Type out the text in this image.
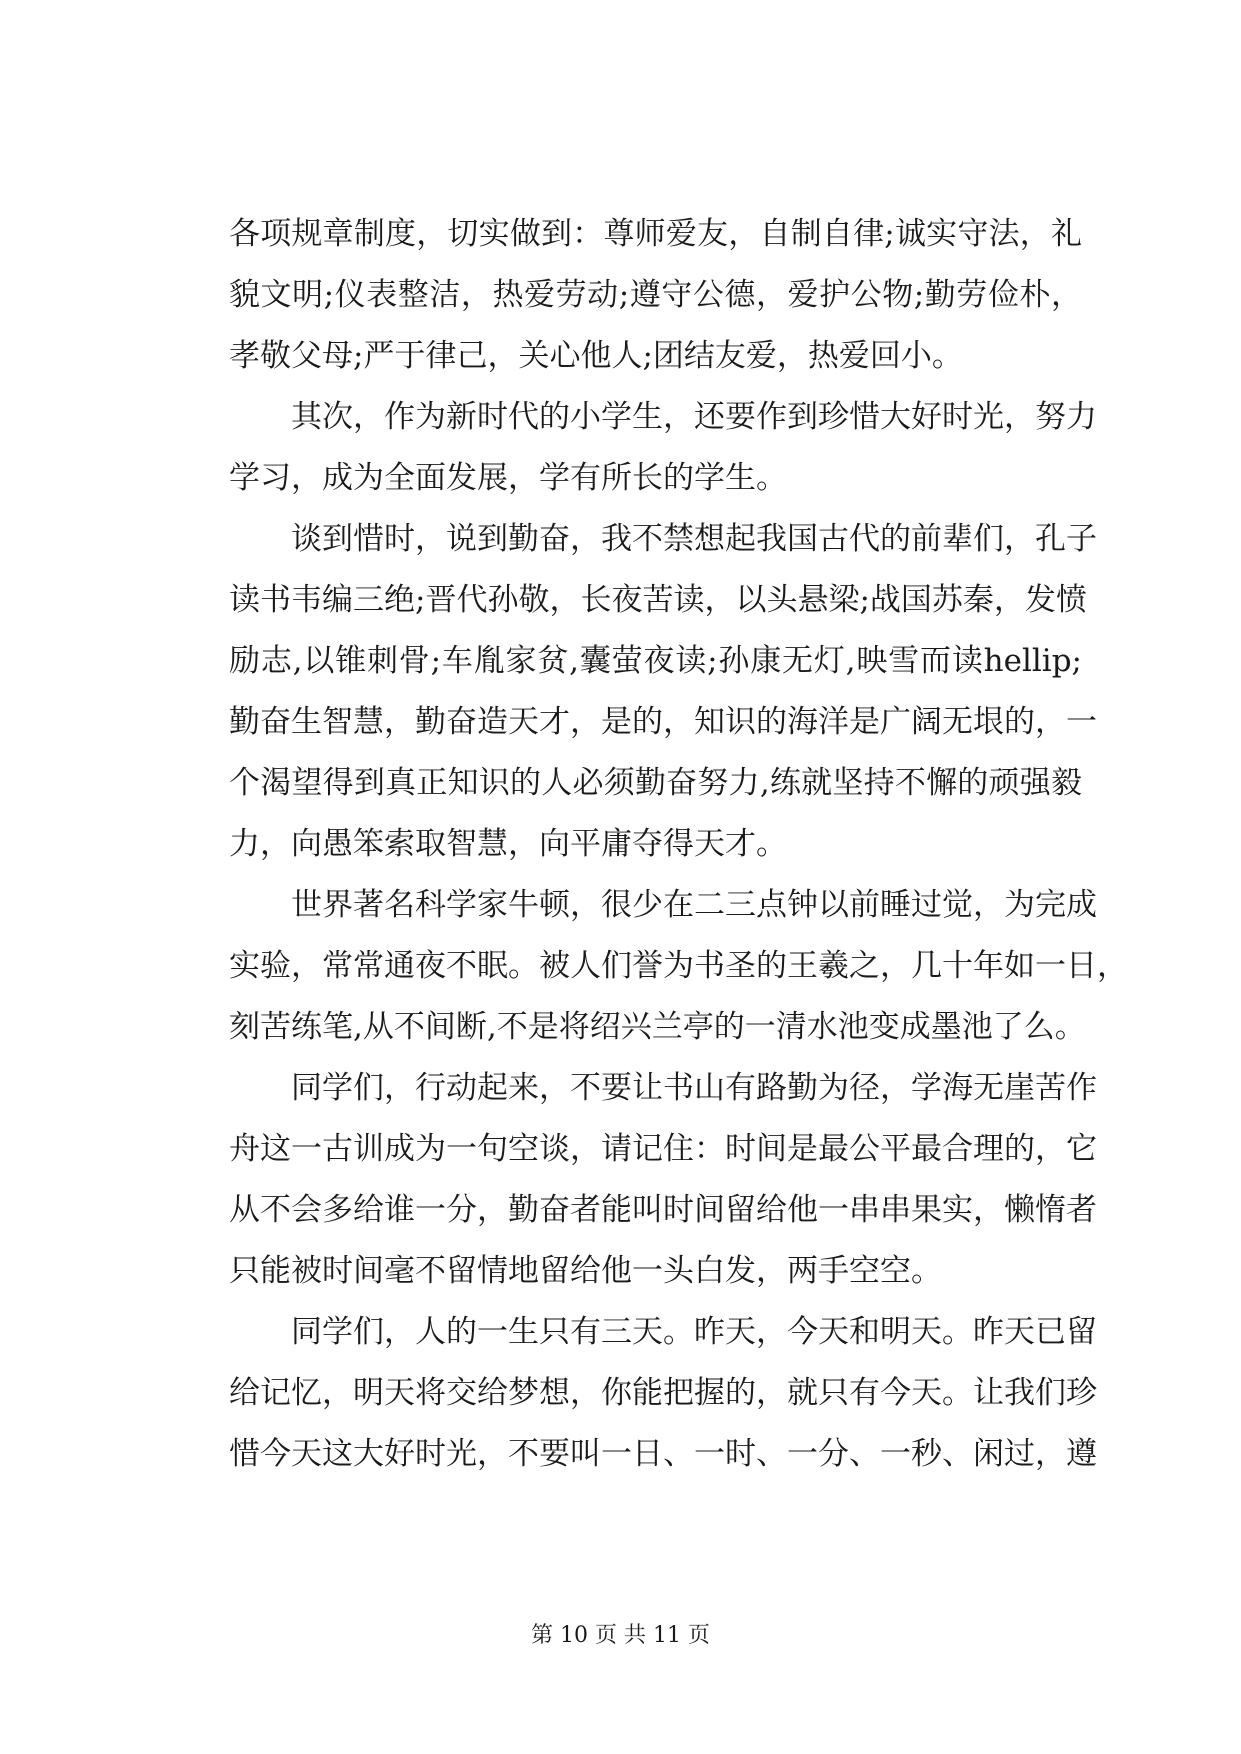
各项规章制度，切实做到：尊师爱友，自制自律;诚实守法，礼
貌文明;仪表整洁，热爱劳动;遵守公德，爱护公物;勤劳俭朴，
孝敬父母;严于律己，关心他人;团结友爱，热爱回小。
　　其次，作为新时代的小学生，还要作到珍惜大好时光，努力
学习，成为全面发展，学有所长的学生。
　　谈到惜时，说到勤奋，我不禁想起我国古代的前辈们，孔子
读书韦编三绝;晋代孙敬，长夜苦读，以头悬梁;战国苏秦，发愤
励志,以锥刺骨;车胤家贫,囊萤夜读;孙康无灯,映雪而读hellip;
勤奋生智慧，勤奋造天才，是的，知识的海洋是广阔无垠的，一
个渴望得到真正知识的人必须勤奋努力,练就坚持不懈的顽强毅
力，向愚笨索取智慧，向平庸夺得天才。
　　世界著名科学家牛顿，很少在二三点钟以前睡过觉，为完成
实验，常常通夜不眠。被人们誉为书圣的王羲之，几十年如一日，
刻苦练笔,从不间断,不是将绍兴兰亭的一清水池变成墨池了么。
　　同学们，行动起来，不要让书山有路勤为径，学海无崖苦作
舟这一古训成为一句空谈，请记住：时间是最公平最合理的，它
从不会多给谁一分，勤奋者能叫时间留给他一串串果实，懒惰者
只能被时间毫不留情地留给他一头白发，两手空空。
　　同学们，人的一生只有三天。昨天，今天和明天。昨天已留
给记忆，明天将交给梦想，你能把握的，就只有今天。让我们珍
惜今天这大好时光，不要叫一日、一时、一分、一秒、闲过，遵
第 10 页 共 11 页
